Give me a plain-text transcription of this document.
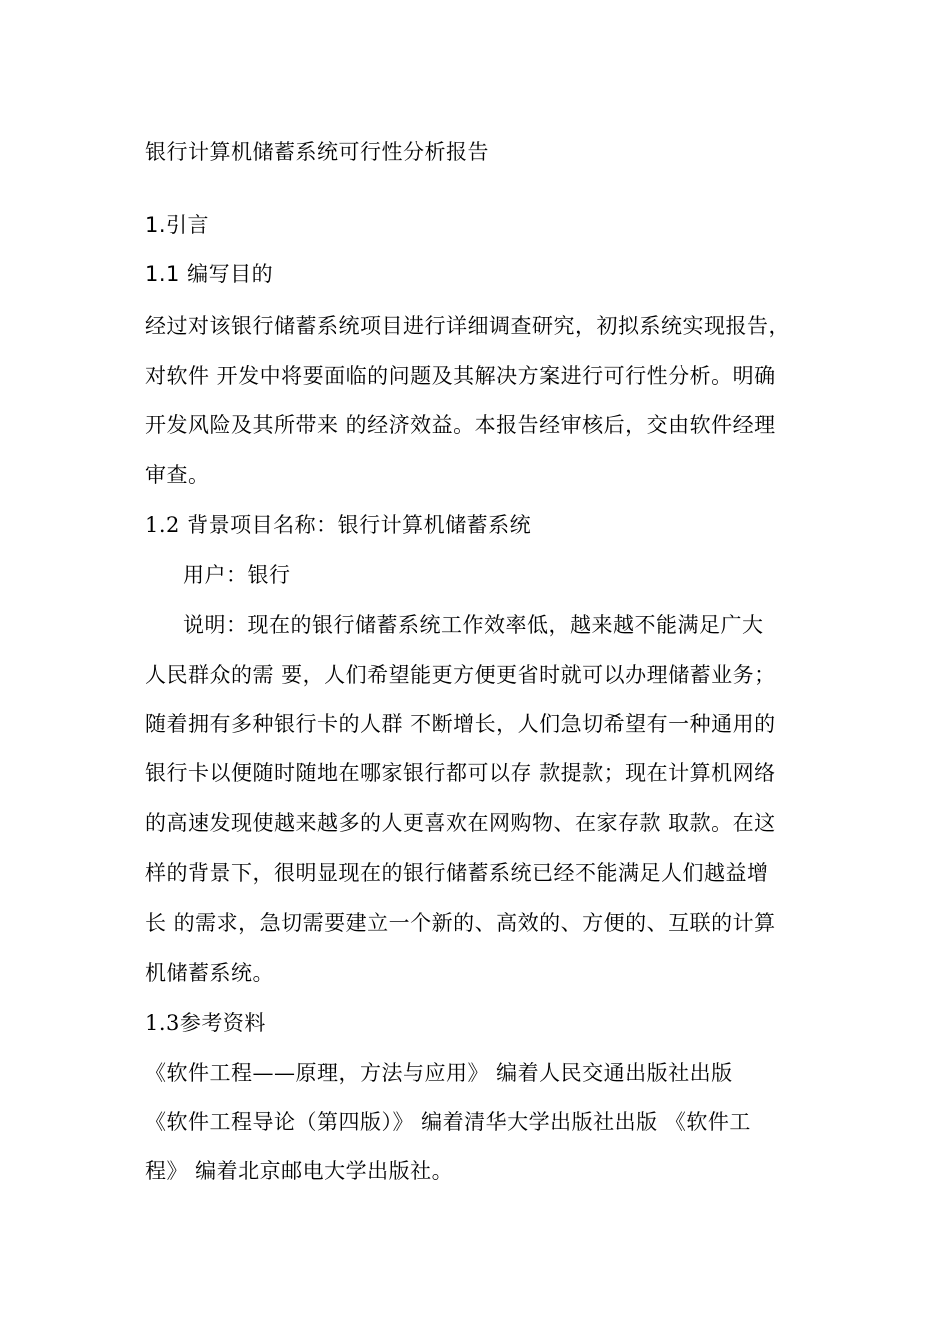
银行计算机储蓄系统可行性分析报告
1.引言
1.1 编写目的
经过对该银行储蓄系统项目进行详细调查研究，初拟系统实现报告，
对软件 开发中将要面临的问题及其解决方案进行可行性分析。明确
开发风险及其所带来 的经济效益。本报告经审核后，交由软件经理
审查。
1.2 背景项目名称：银行计算机储蓄系统
用户：银行
说明：现在的银行储蓄系统工作效率低，越来越不能满足广大
人民群众的需 要，人们希望能更方便更省时就可以办理储蓄业务；
随着拥有多种银行卡的人群 不断增长，人们急切希望有一种通用的
银行卡以便随时随地在哪家银行都可以存 款提款；现在计算机网络
的高速发现使越来越多的人更喜欢在网购物、在家存款 取款。在这
样的背景下，很明显现在的银行储蓄系统已经不能满足人们越益增
长 的需求，急切需要建立一个新的、高效的、方便的、互联的计算
机储蓄系统。
1.3参考资料
《软件工程——原理，方法与应用》 编着人民交通出版社出版
《软件工程导论（第四版）》 编着清华大学出版社出版 《软件工
程》 编着北京邮电大学出版社。
